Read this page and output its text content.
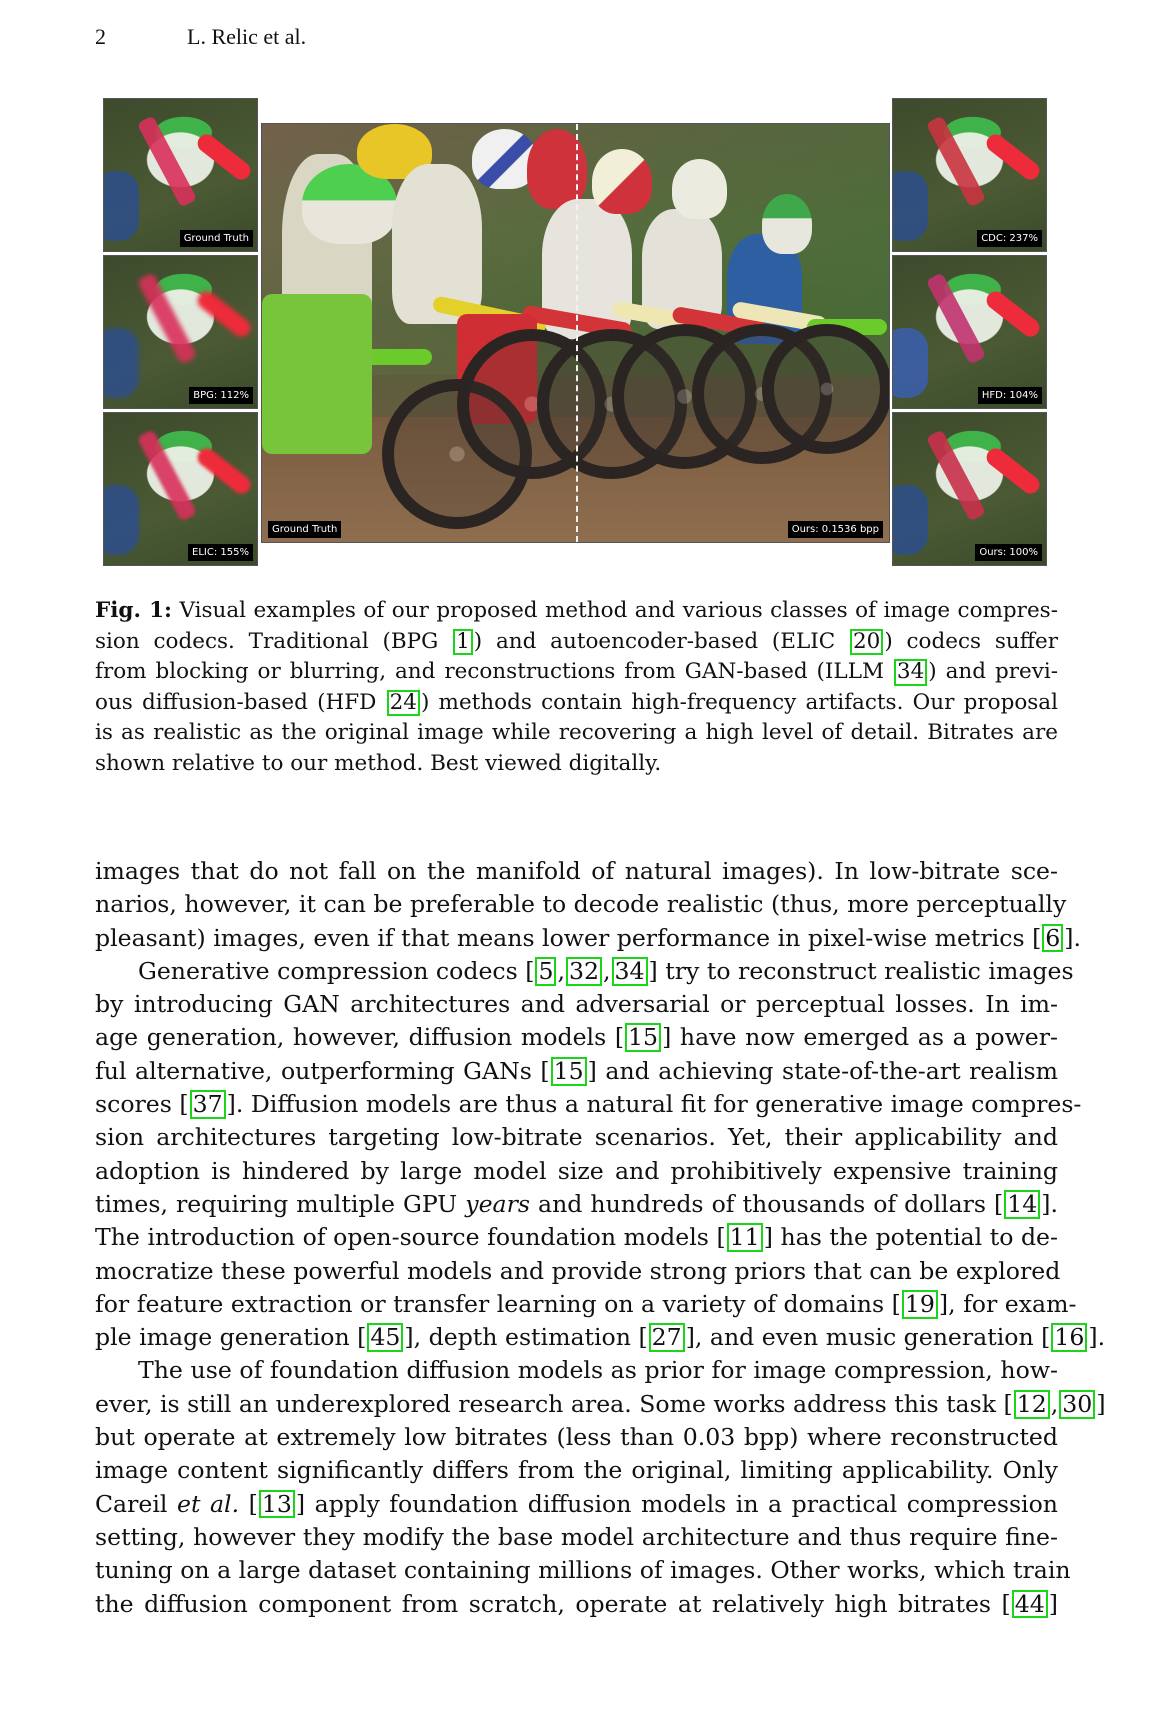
2	L. Relic et al.
Ground Truth
BPG: 112%
ELIC: 155%
Ground Truth	Ours: 0.1536 bpp
CDC: 237%
HFD: 104%
Ours: 100%
Fig. 1: Visual examples of our proposed method and various classes of image compres-
sion codecs. Traditional (BPG 1 ) and autoencoder-based (ELIC 20 ) codecs suffer
from blocking or blurring, and reconstructions from GAN-based (ILLM 34 ) and previ-
ous diffusion-based (HFD 24 ) methods contain high-frequency artifacts. Our proposal
is as realistic as the original image while recovering a high level of detail. Bitrates are
shown relative to our method. Best viewed digitally.
images that do not fall on the manifold of natural images). In low-bitrate sce-
narios, however, it can be preferable to decode realistic (thus, more perceptually
pleasant) images, even if that means lower performance in pixel-wise metrics [ 6 ].
Generative compression codecs [ 5 , 32 , 34 ] try to reconstruct realistic images
by introducing GAN architectures and adversarial or perceptual losses. In im-
age generation, however, diffusion models [ 15 ] have now emerged as a power-
ful alternative, outperforming GANs [ 15 ] and achieving state-of-the-art realism
scores [ 37 ]. Diffusion models are thus a natural fit for generative image compres-
sion architectures targeting low-bitrate scenarios. Yet, their applicability and
adoption is hindered by large model size and prohibitively expensive training
times, requiring multiple GPU years and hundreds of thousands of dollars [ 14 ].
The introduction of open-source foundation models [ 11 ] has the potential to de-
mocratize these powerful models and provide strong priors that can be explored
for feature extraction or transfer learning on a variety of domains [ 19 ], for exam-
ple image generation [ 45 ], depth estimation [ 27 ], and even music generation [ 16 ].
The use of foundation diffusion models as prior for image compression, how-
ever, is still an underexplored research area. Some works address this task [ 12 , 30 ]
but operate at extremely low bitrates (less than 0.03 bpp) where reconstructed
image content significantly differs from the original, limiting applicability. Only
Careil et al. [ 13 ] apply foundation diffusion models in a practical compression
setting, however they modify the base model architecture and thus require fine-
tuning on a large dataset containing millions of images. Other works, which train
the diffusion component from scratch, operate at relatively high bitrates [ 44 ]
